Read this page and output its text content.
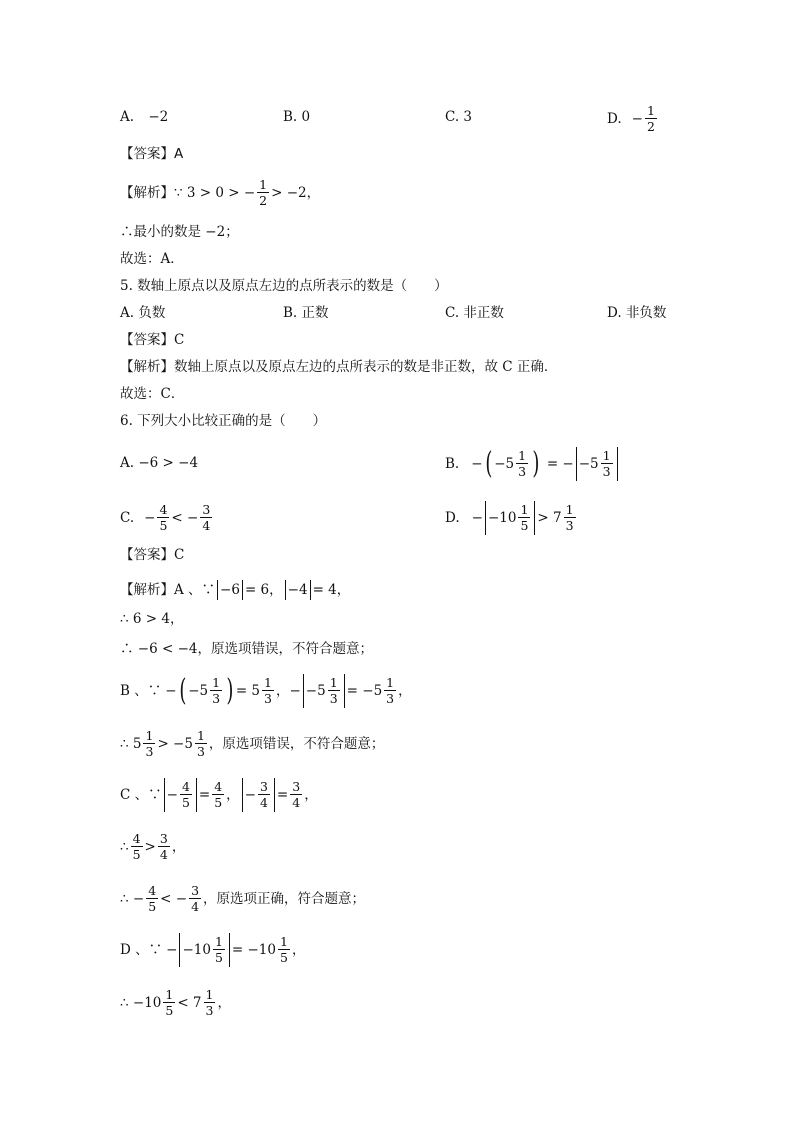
A. −2	B. 0	C. 3	D. − $\frac{1}{2}$
【答案】A
【解析】 ∵ 3 > 0 > − $\frac{1}{2} > -2$，
∴最小的数是 −2；
故选：A．
5. 数轴上原点以及原点左边的点所表示的数是（　　）
A. 负数	B. 正数	C. 非正数	D. 非负数
【答案】C
【解析】数轴上原点以及原点左边的点所表示的数是非正数，故 C 正确．
故选：C．
6. 下列大小比较正确的是（　　）
A. −6 > −4	B. − ( $-5 \frac{1}{3}$ ) = − $-5 \frac{1}{3}$
C. − $\frac{4}{5}$ < − $\frac{3}{4}$	D. − $-10 \frac{1}{5} > 7 \frac{1}{3}$
【答案】C
【解析】 A 、∵ −6 = 6， −4 = 4，
∴ 6 > 4，
∴ −6 < −4，原选项错误，不符合题意；
B 、∵ − ( $-5 \frac{1}{3}$ ) = $5 \frac{1}{3}$ ，− $-5 \frac{1}{3} = -5 \frac{1}{3}$ ，
∴ $5 \frac{1}{3} > -5 \frac{1}{3}$ ，原选项错误，不符合题意；
C 、∵ − $\frac{4}{5} = \frac{4}{5}$ ， − $\frac{3}{4} = \frac{3}{4}$ ，
∴ $\frac{4}{5} > \frac{3}{4}$ ，
∴ − $\frac{4}{5}$ < − $\frac{3}{4}$ ，原选项正确，符合题意；
D 、∵ − $-10 \frac{1}{5} = -10 \frac{1}{5}$ ，
∴ $-10 \frac{1}{5} < 7 \frac{1}{3}$ ，
